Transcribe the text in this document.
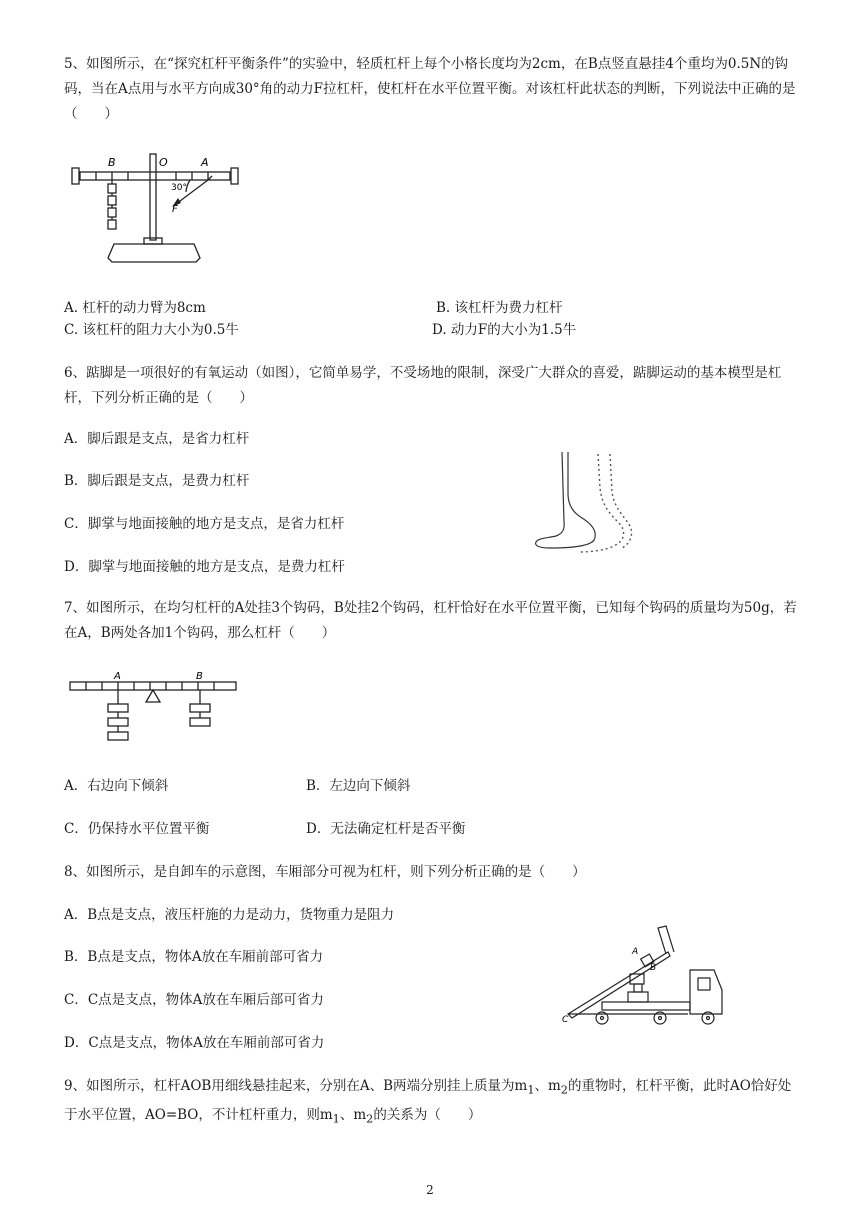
5、如图所示，在“探究杠杆平衡条件”的实验中，轻质杠杆上每个小格长度均为2cm，在B点竖直悬挂4个重均为0.5N的钩码，当在A点用与水平方向成30°角的动力F拉杠杆，使杠杆在水平位置平衡。对该杠杆此状态的判断，下列说法中正确的是（　　）
B	O	A
30°
F
A. 杠杆的动力臂为8cm	B. 该杠杆为费力杠杆
C. 该杠杆的阻力大小为0.5牛	D. 动力F的大小为1.5牛
6、踮脚是一项很好的有氧运动（如图），它简单易学，不受场地的限制，深受广大群众的喜爱，踮脚运动的基本模型是杠杆，下列分析正确的是（　　）
A．脚后跟是支点，是省力杠杆
B．脚后跟是支点，是费力杠杆
C．脚掌与地面接触的地方是支点，是省力杠杆
D．脚掌与地面接触的地方是支点，是费力杠杆
7、如图所示，在均匀杠杆的A处挂3个钩码，B处挂2个钩码，杠杆恰好在水平位置平衡，已知每个钩码的质量均为50g，若在A，B两处各加1个钩码，那么杠杆（　　）
A	B
A．右边向下倾斜	B．左边向下倾斜
C．仍保持水平位置平衡	D．无法确定杠杆是否平衡
8、如图所示，是自卸车的示意图，车厢部分可视为杠杆，则下列分析正确的是（　　）
A．B点是支点，液压杆施的力是动力，货物重力是阻力
B．B点是支点，物体A放在车厢前部可省力
C．C点是支点，物体A放在车厢后部可省力
D．C点是支点，物体A放在车厢前部可省力
A
B
C
9、如图所示，杠杆AOB用细线悬挂起来，分别在A、B两端分别挂上质量为$m_1$、$m_2$的重物时，杠杆平衡，此时AO恰好处于水平位置，AO=BO，不计杠杆重力，则$m_1$、$m_2$的关系为（　　）
2
